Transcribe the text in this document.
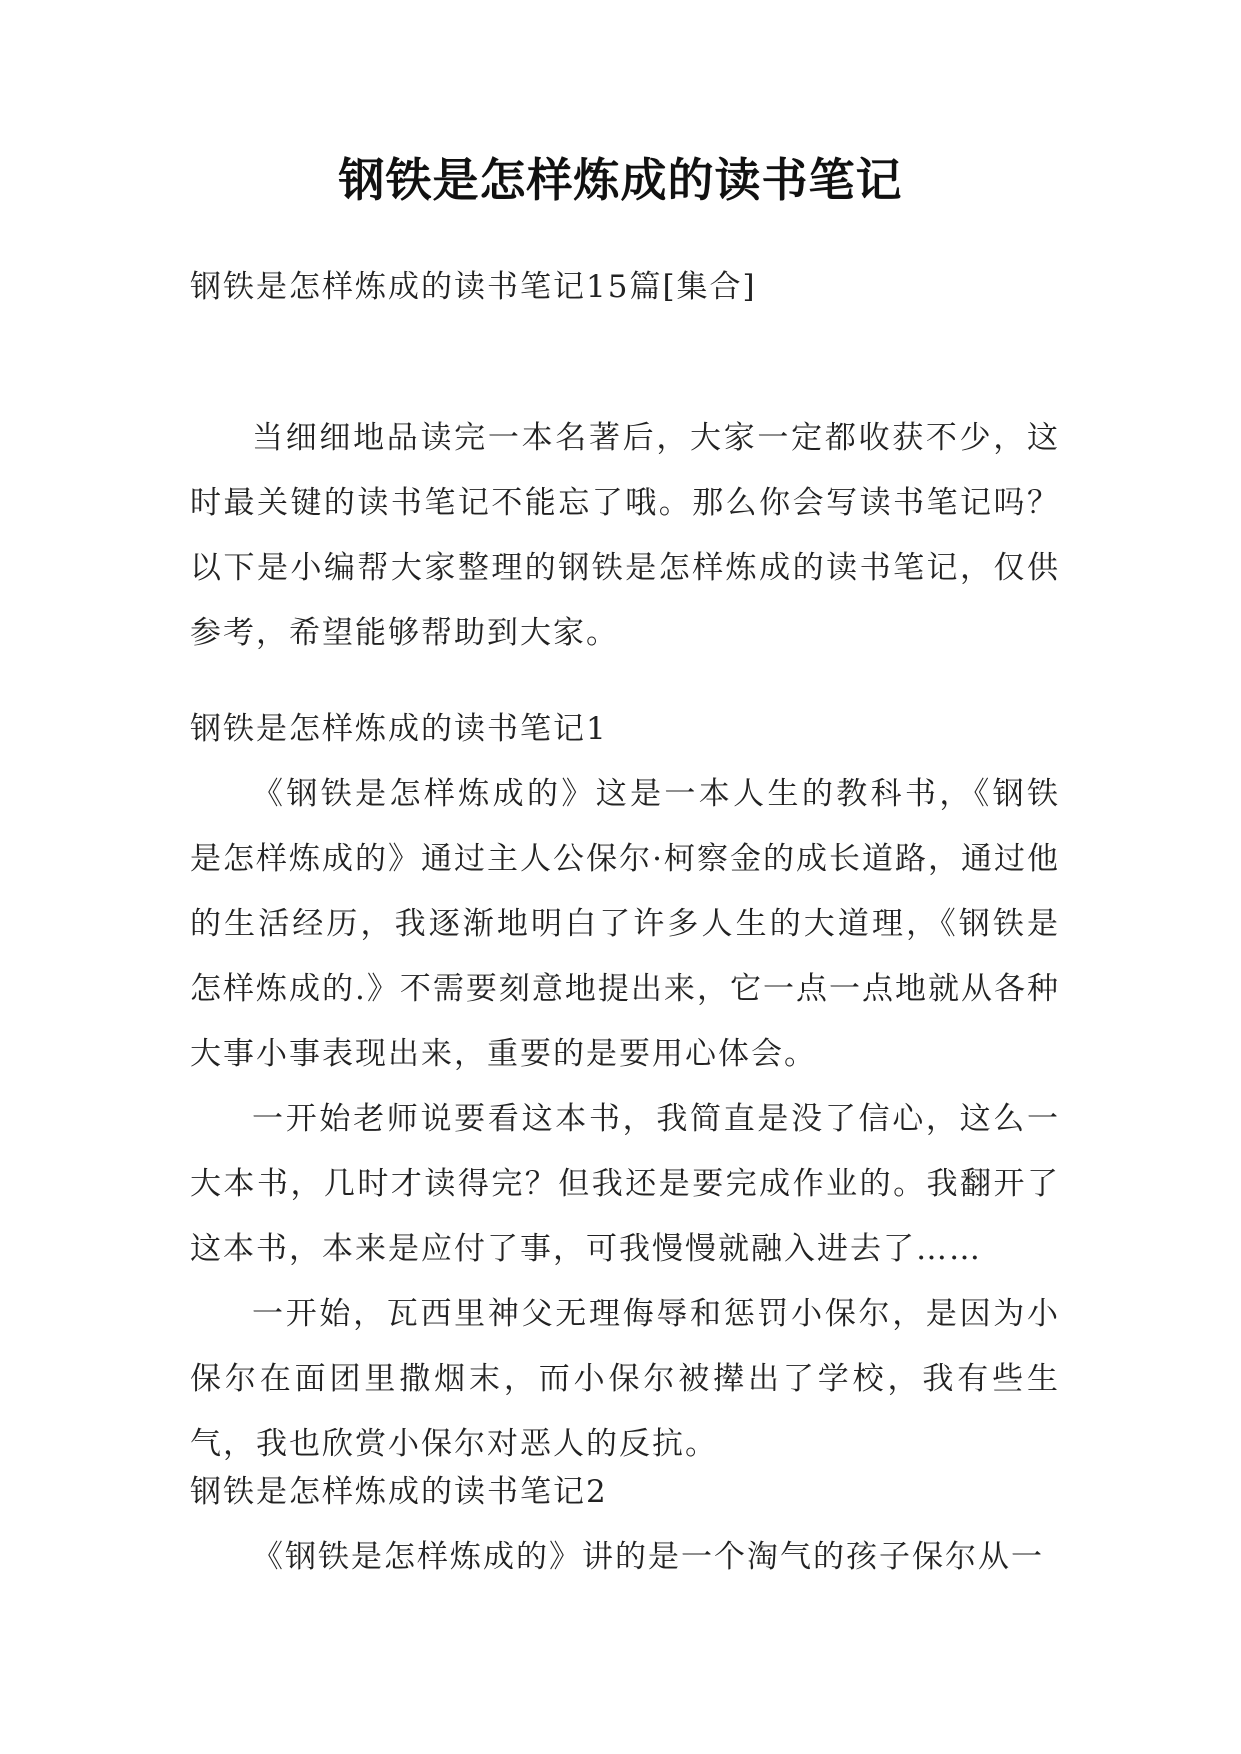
钢铁是怎样炼成的读书笔记
钢铁是怎样炼成的读书笔记15篇[集合]

当细细地品读完一本名著后，大家一定都收获不少，这时最关键的读书笔记不能忘了哦。那么你会写读书笔记吗？以下是小编帮大家整理的钢铁是怎样炼成的读书笔记，仅供参考，希望能够帮助到大家。

钢铁是怎样炼成的读书笔记1

《钢铁是怎样炼成的》这是一本人生的教科书，《钢铁是怎样炼成的》通过主人公保尔·柯察金的成长道路，通过他的生活经历，我逐渐地明白了许多人生的大道理，《钢铁是怎样炼成的.》不需要刻意地提出来，它一点一点地就从各种大事小事表现出来，重要的是要用心体会。

一开始老师说要看这本书，我简直是没了信心，这么一大本书，几时才读得完？但我还是要完成作业的。我翻开了这本书，本来是应付了事，可我慢慢就融入进去了……

一开始，瓦西里神父无理侮辱和惩罚小保尔，是因为小保尔在面团里撒烟末，而小保尔被撵出了学校，我有些生气，我也欣赏小保尔对恶人的反抗。

钢铁是怎样炼成的读书笔记2

《钢铁是怎样炼成的》讲的是一个淘气的孩子保尔从一
